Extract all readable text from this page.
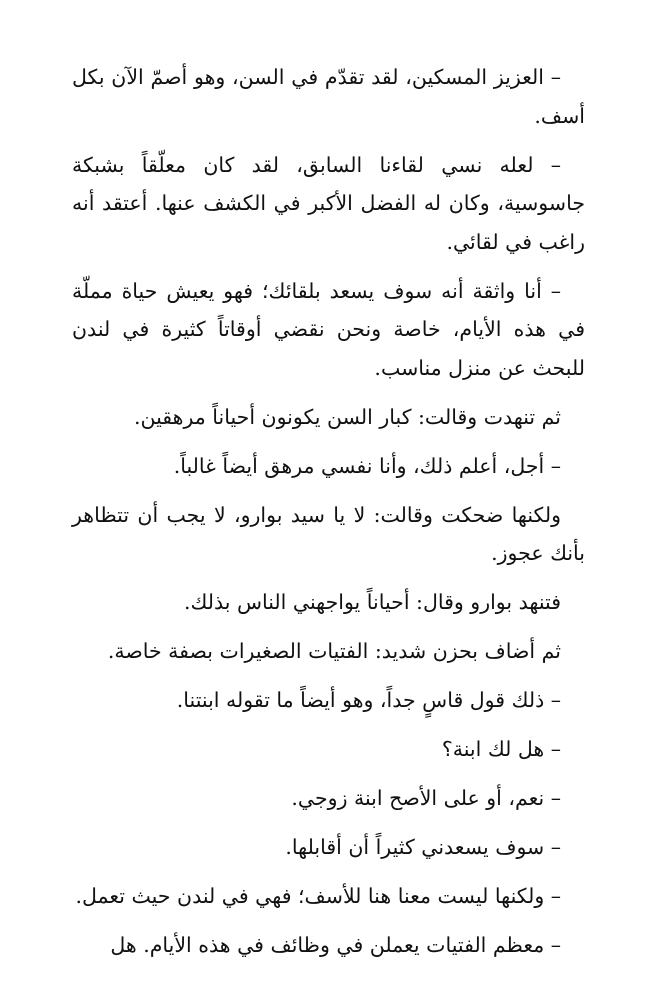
– العزيز المسكين، لقد تقدّم في السن، وهو أصمّ الآن بكل أسف.

– لعله نسي لقاءنا السابق، لقد كان معلّقاً بشبكة جاسوسية، وكان له الفضل الأكبر في الكشف عنها. أعتقد أنه راغب في لقائي.

– أنا واثقة أنه سوف يسعد بلقائك؛ فهو يعيش حياة مملّة في هذه الأيام، خاصة ونحن نقضي أوقاتاً كثيرة في لندن للبحث عن منزل مناسب.

ثم تنهدت وقالت: كبار السن يكونون أحياناً مرهقين.

– أجل، أعلم ذلك، وأنا نفسي مرهق أيضاً غالباً.

ولكنها ضحكت وقالت: لا يا سيد بوارو، لا يجب أن تتظاهر بأنك عجوز.

فتنهد بوارو وقال: أحياناً يواجهني الناس بذلك.

ثم أضاف بحزن شديد: الفتيات الصغيرات بصفة خاصة.

– ذلك قول قاسٍ جداً، وهو أيضاً ما تقوله ابنتنا.

– هل لك ابنة؟

– نعم، أو على الأصح ابنة زوجي.

– سوف يسعدني كثيراً أن أقابلها.

– ولكنها ليست معنا هنا للأسف؛ فهي في لندن حيث تعمل.

– معظم الفتيات يعملن في وظائف في هذه الأيام. هل
